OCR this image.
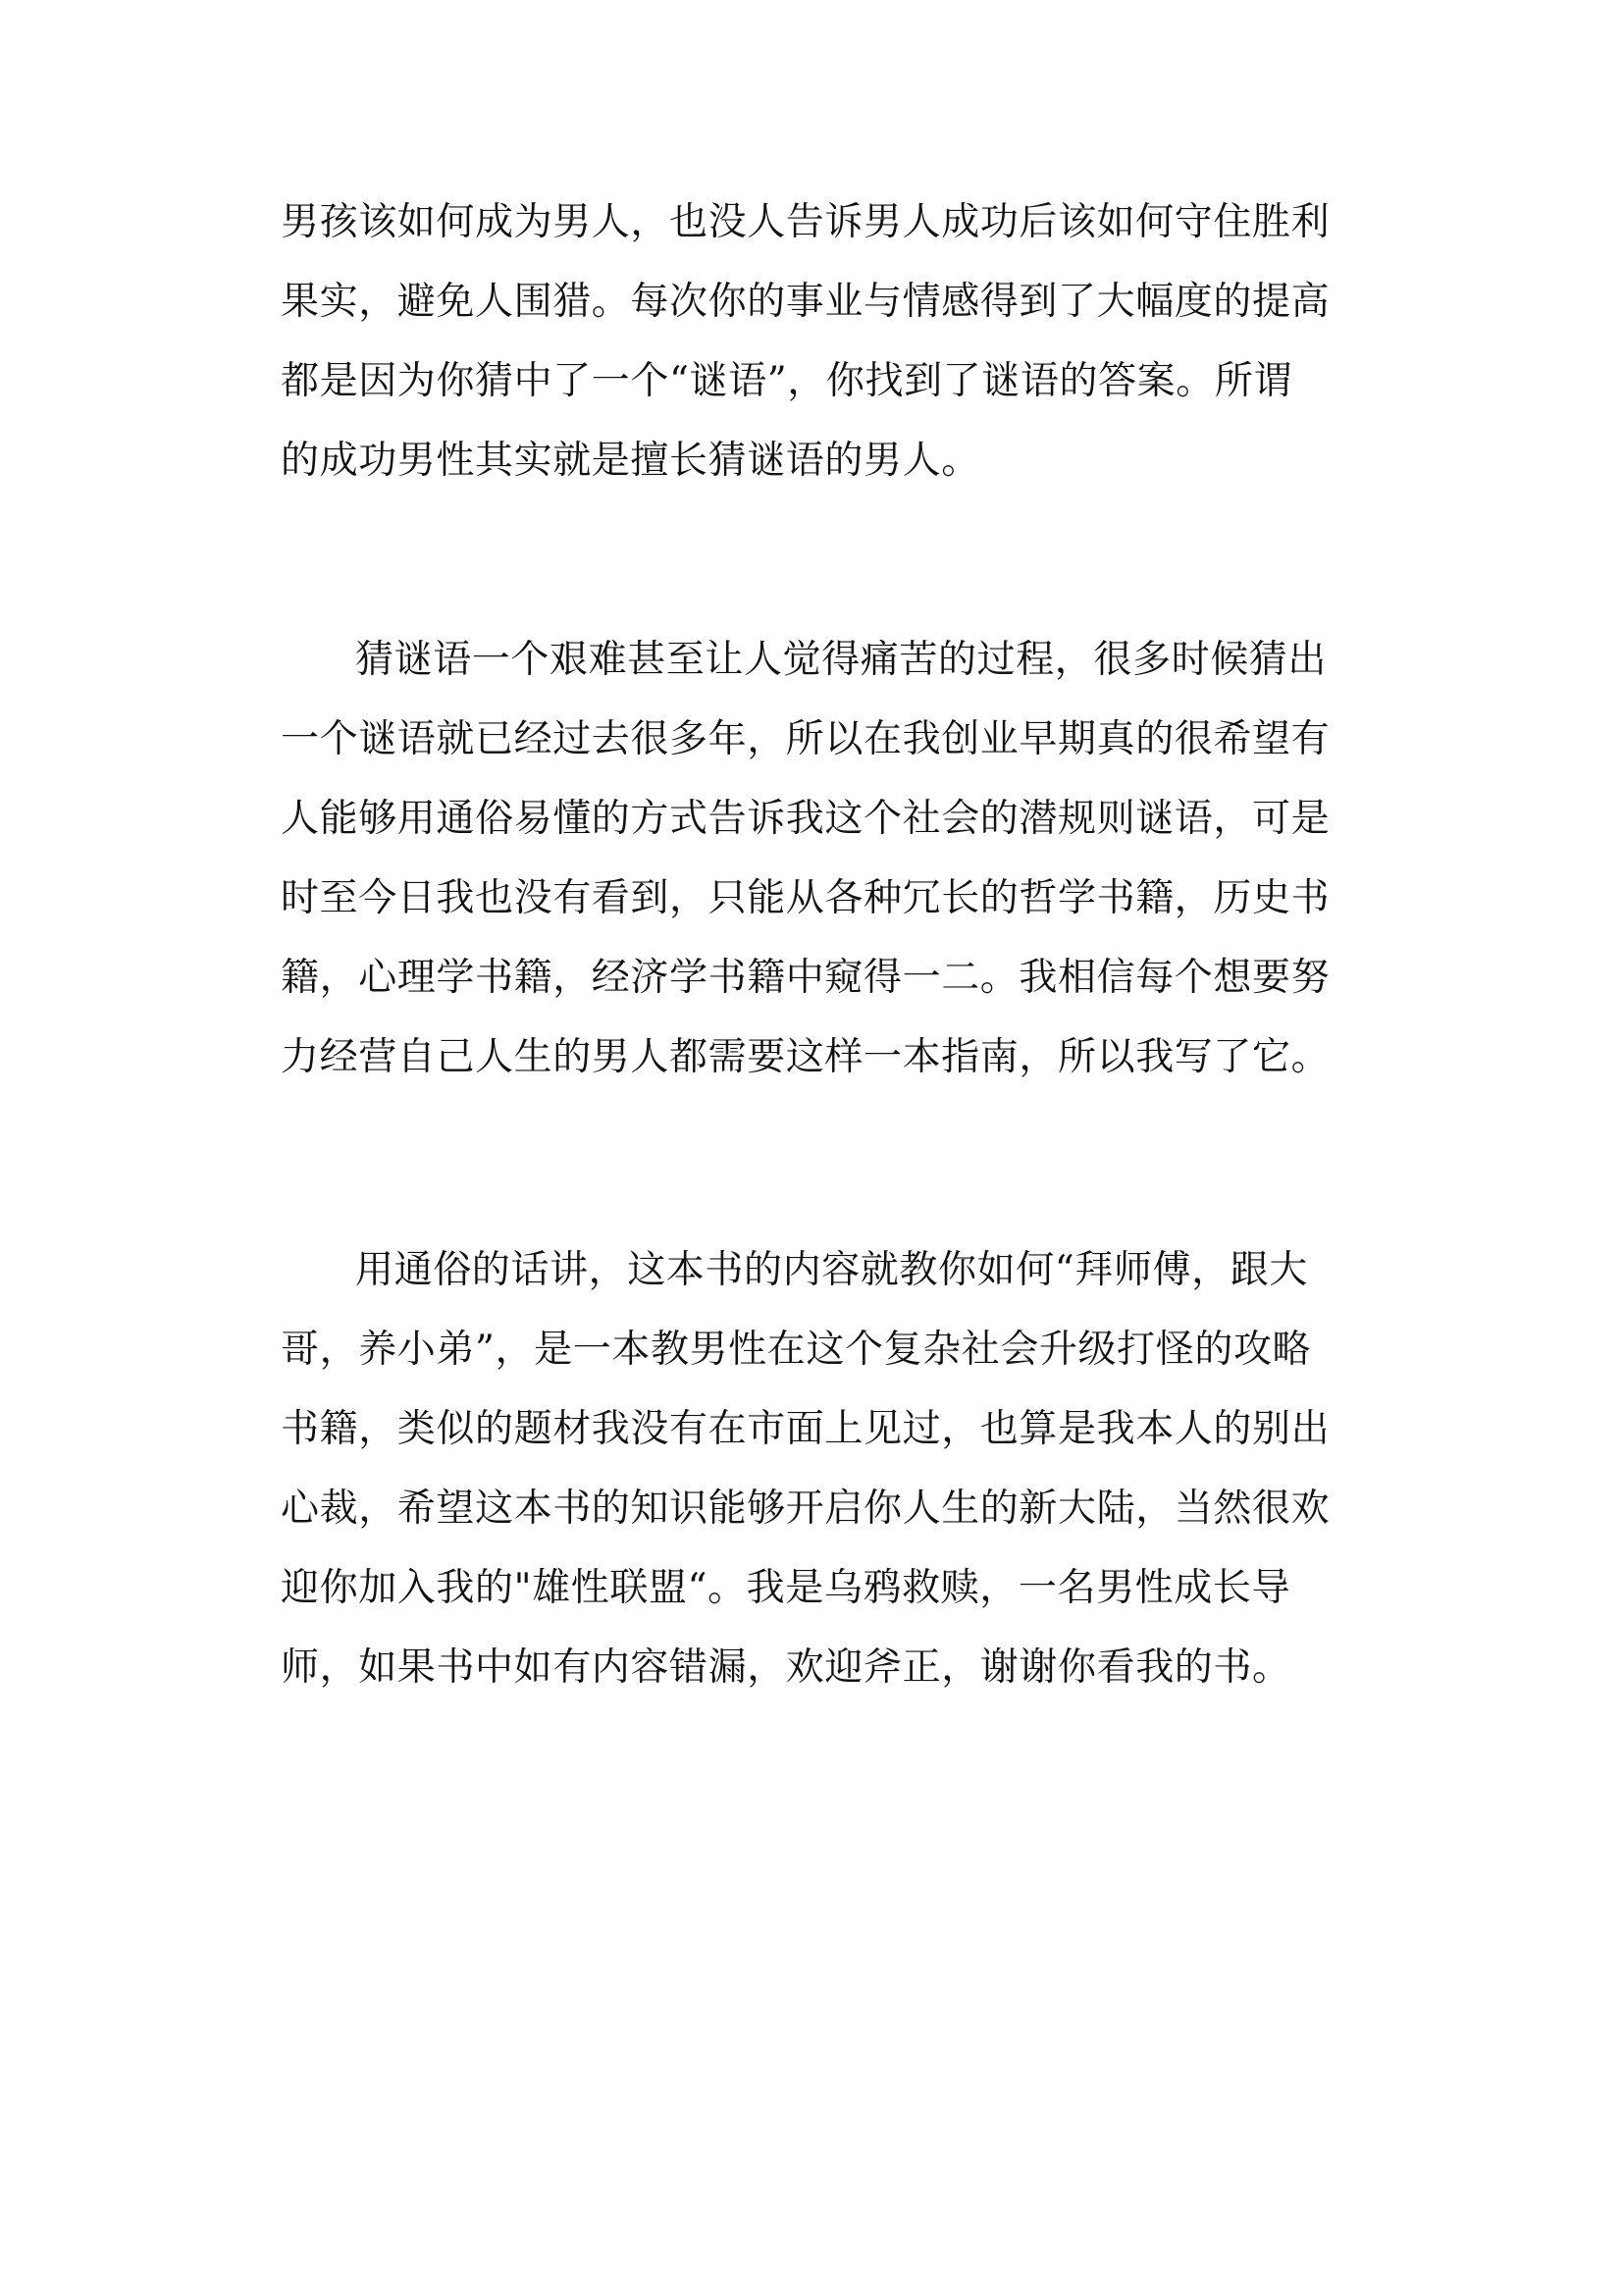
男孩该如何成为男人，也没人告诉男人成功后该如何守住胜利
果实，避免人围猎。每次你的事业与情感得到了大幅度的提高
都是因为你猜中了一个“谜语”，你找到了谜语的答案。所谓
的成功男性其实就是擅长猜谜语的男人。
猜谜语一个艰难甚至让人觉得痛苦的过程，很多时候猜出
一个谜语就已经过去很多年，所以在我创业早期真的很希望有
人能够用通俗易懂的方式告诉我这个社会的潜规则谜语，可是
时至今日我也没有看到，只能从各种冗长的哲学书籍，历史书
籍，心理学书籍，经济学书籍中窥得一二。我相信每个想要努
力经营自己人生的男人都需要这样一本指南，所以我写了它。
用通俗的话讲，这本书的内容就教你如何“拜师傅，跟大
哥，养小弟”，是一本教男性在这个复杂社会升级打怪的攻略
书籍，类似的题材我没有在市面上见过，也算是我本人的别出
心裁，希望这本书的知识能够开启你人生的新大陆，当然很欢
迎你加入我的"雄性联盟“。我是乌鸦救赎，一名男性成长导
师，如果书中如有内容错漏，欢迎斧正，谢谢你看我的书。
